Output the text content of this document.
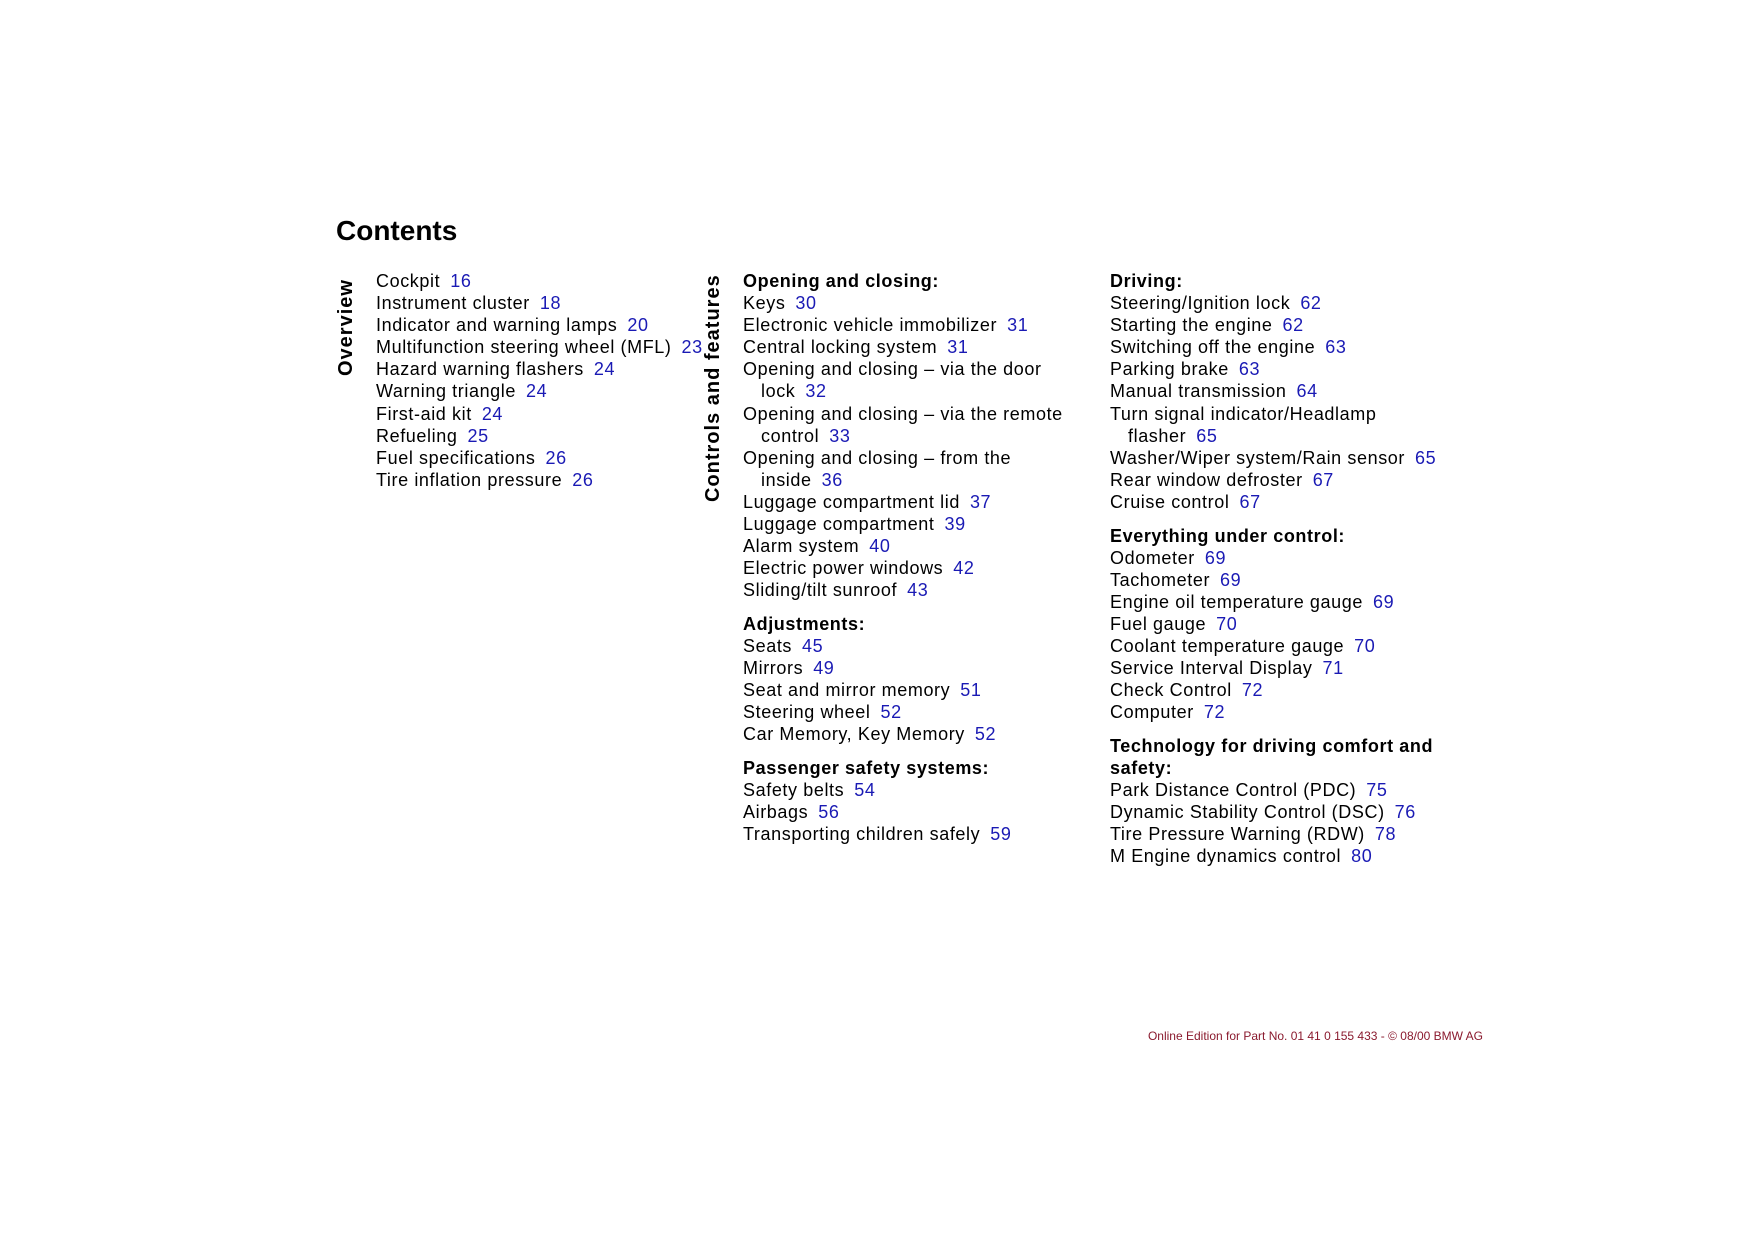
Contents
Overview	Controls and features
Cockpit 16
Instrument cluster 18
Indicator and warning lamps 20
Multifunction steering wheel (MFL) 23
Hazard warning flashers 24
Warning triangle 24
First-aid kit 24
Refueling 25
Fuel specifications 26
Tire inflation pressure 26
Opening and closing:
Keys 30
Electronic vehicle immobilizer 31
Central locking system 31
Opening and closing – via the door lock 32
Opening and closing – via the remote control 33
Opening and closing – from the inside 36
Luggage compartment lid 37
Luggage compartment 39
Alarm system 40
Electric power windows 42
Sliding/tilt sunroof 43
Adjustments:
Seats 45
Mirrors 49
Seat and mirror memory 51
Steering wheel 52
Car Memory, Key Memory 52
Passenger safety systems:
Safety belts 54
Airbags 56
Transporting children safely 59
Driving:
Steering/Ignition lock 62
Starting the engine 62
Switching off the engine 63
Parking brake 63
Manual transmission 64
Turn signal indicator/Headlamp flasher 65
Washer/Wiper system/Rain sensor 65
Rear window defroster 67
Cruise control 67
Everything under control:
Odometer 69
Tachometer 69
Engine oil temperature gauge 69
Fuel gauge 70
Coolant temperature gauge 70
Service Interval Display 71
Check Control 72
Computer 72
Technology for driving comfort and safety:
Park Distance Control (PDC) 75
Dynamic Stability Control (DSC) 76
Tire Pressure Warning (RDW) 78
M Engine dynamics control 80
Online Edition for Part No. 01 41 0 155 433 - © 08/00 BMW AG
